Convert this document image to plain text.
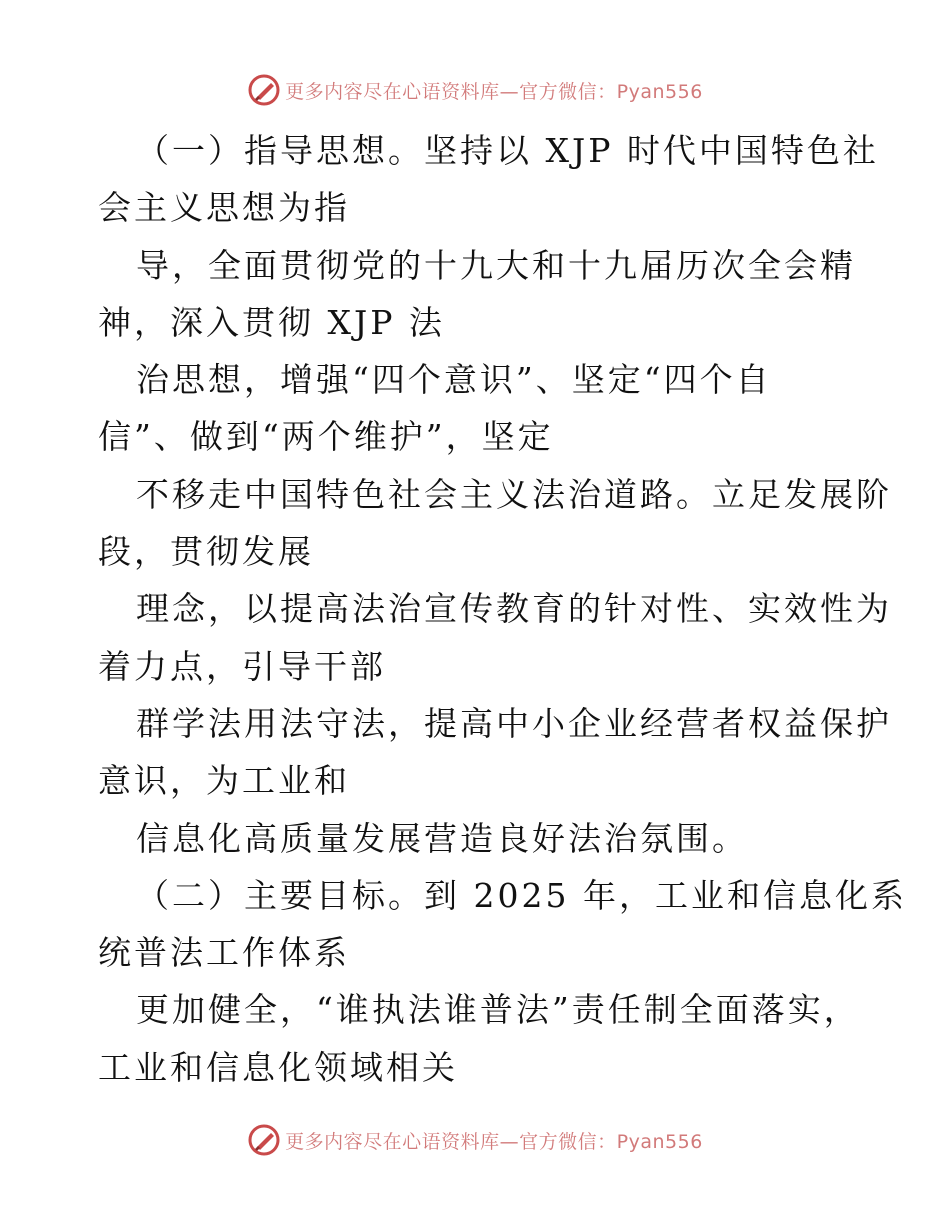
更多内容尽在心语资料库—官方微信：Pyan556
（一）指导思想。坚持以 XJP 时代中国特色社
会主义思想为指
导，全面贯彻党的十九大和十九届历次全会精
神，深入贯彻 XJP 法
治思想，增强“四个意识”、坚定“四个自
信”、做到“两个维护”，坚定
不移走中国特色社会主义法治道路。立足发展阶
段，贯彻发展
理念，以提高法治宣传教育的针对性、实效性为
着力点，引导干部
群学法用法守法，提高中小企业经营者权益保护
意识，为工业和
信息化高质量发展营造良好法治氛围。
（二）主要目标。到 2025 年，工业和信息化系
统普法工作体系
更加健全，“谁执法谁普法”责任制全面落实，
工业和信息化领域相关
更多内容尽在心语资料库—官方微信：Pyan556
